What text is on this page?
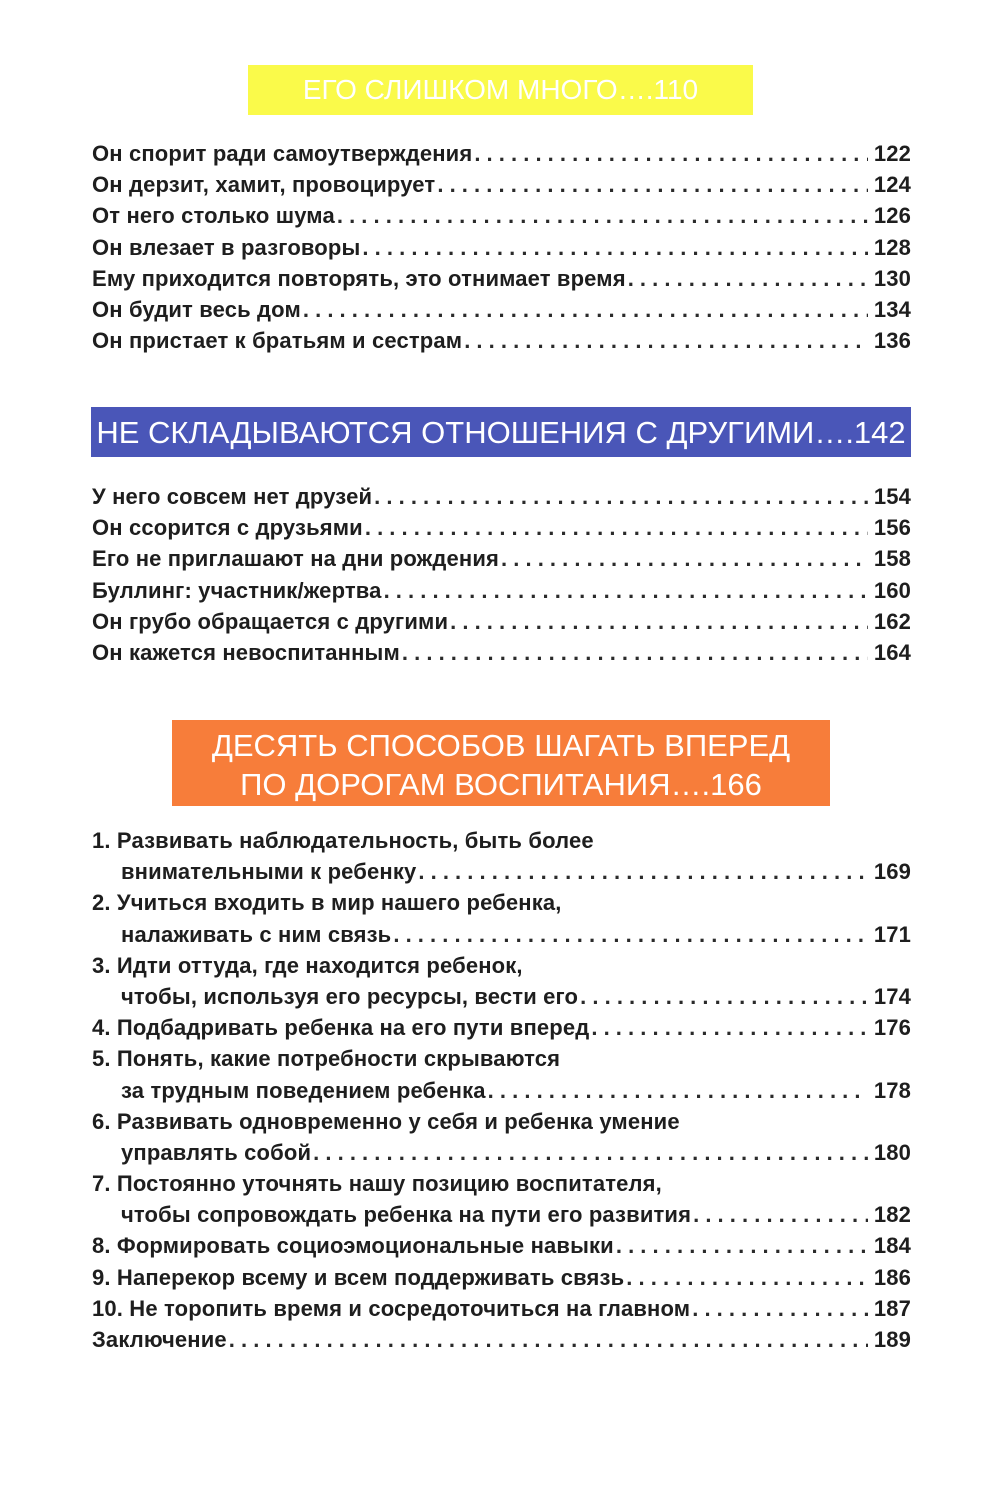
ЕГО СЛИШКОМ МНОГО….110
Он спорит ради самоутверждения . . .	122
Он дерзит, хамит, провоцирует . . .	124
От него столько шума . . .	126
Он влезает в разговоры . . .	128
Ему приходится повторять, это отнимает время . . .	130
Он будит весь дом . . .	134
Он пристает к братьям и сестрам . . .	136
НЕ СКЛАДЫВАЮТСЯ ОТНОШЕНИЯ С ДРУГИМИ….142
У него совсем нет друзей . . .	154
Он ссорится с друзьями . . .	156
Его не приглашают на дни рождения . . .	158
Буллинг: участник/жертва . . .	160
Он грубо обращается с другими . . .	162
Он кажется невоспитанным . . .	164
ДЕСЯТЬ СПОСОБОВ ШАГАТЬ ВПЕРЕД
ПО ДОРОГАМ ВОСПИТАНИЯ….166
1. Развивать наблюдательность, быть более
внимательными к ребенку . . .	169
2. Учиться входить в мир нашего ребенка,
налаживать с ним связь . . .	171
3. Идти оттуда, где находится ребенок,
чтобы, используя его ресурсы, вести его . . .	174
4. Подбадривать ребенка на его пути вперед . . .	176
5. Понять, какие потребности скрываются
за трудным поведением ребенка . . .	178
6. Развивать одновременно у себя и ребенка умение
управлять собой . . .	180
7. Постоянно уточнять нашу позицию воспитателя,
чтобы сопровождать ребенка на пути его развития . . .	182
8. Формировать социоэмоциональные навыки . . .	184
9. Наперекор всему и всем поддерживать связь . . .	186
10. Не торопить время и сосредоточиться на главном . . .	187
Заключение . . .	189
